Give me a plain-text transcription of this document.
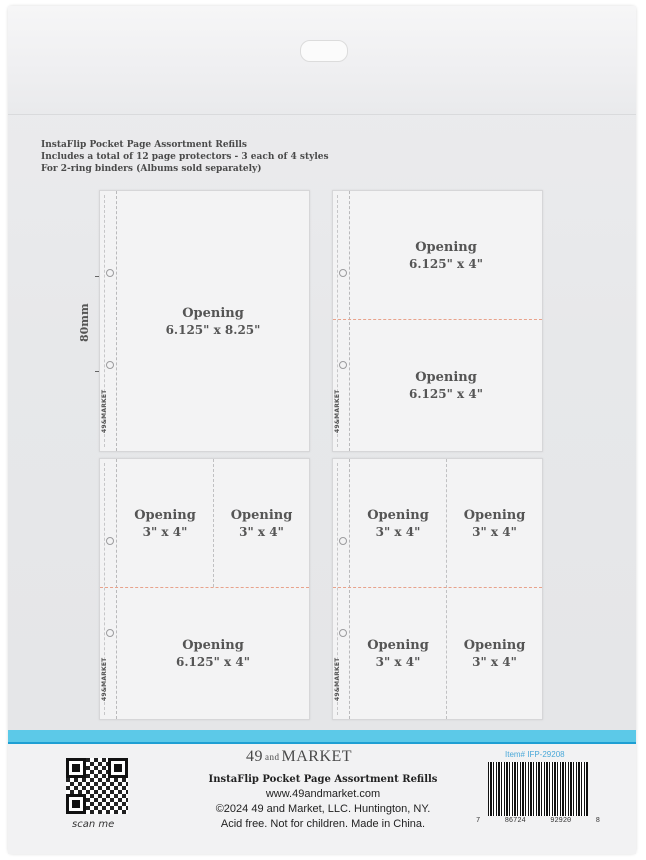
InstaFlip Pocket Page Assortment Refills
Includes a total of 12 page protectors - 3 each of 4 styles
For 2-ring binders (Albums sold separately)
80mm
49&MARKET
Opening
6.125" x 8.25"
49&MARKET
Opening
6.125" x 4"
Opening
6.125" x 4"
49&MARKET
Opening
3" x 4"
Opening
3" x 4"
Opening
6.125" x 4"	49&MARKET
Opening
3" x 4"
Opening
3" x 4"
Opening
3" x 4"
Opening
3" x 4"
scan me
49 and MARKET
InstaFlip Pocket Page Assortment Refills
www.49andmarket.com
©2024 49 and Market, LLC. Huntington, NY.
Acid free. Not for children. Made in China.
Item# IFP-29208
7	86724	92920	8
